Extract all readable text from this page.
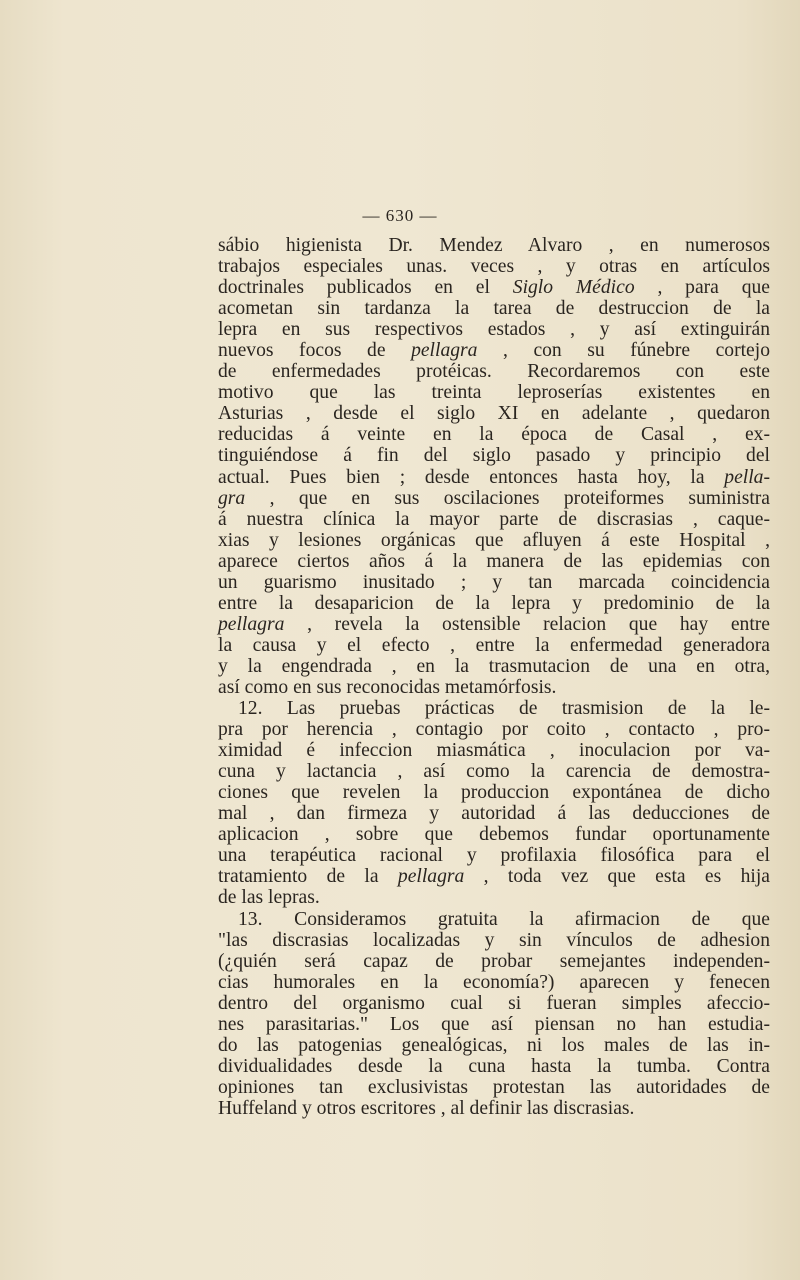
— 630 —
sábio higienista Dr. Mendez Alvaro , en numerosos
trabajos especiales unas. veces , y otras en artículos
doctrinales publicados en el Siglo Médico , para que
acometan sin tardanza la tarea de destruccion de la
lepra en sus respectivos estados , y así extinguirán
nuevos focos de pellagra , con su fúnebre cortejo
de enfermedades protéicas. Recordaremos con este
motivo que las treinta leproserías existentes en
Asturias , desde el siglo XI en adelante , quedaron
reducidas á veinte en la época de Casal , ex-
tinguiéndose á fin del siglo pasado y principio del
actual. Pues bien ; desde entonces hasta hoy, la pella-
gra , que en sus oscilaciones proteiformes suministra
á nuestra clínica la mayor parte de discrasias , caque-
xias y lesiones orgánicas que afluyen á este Hospital ,
aparece ciertos años á la manera de las epidemias con
un guarismo inusitado ; y tan marcada coincidencia
entre la desaparicion de la lepra y predominio de la
pellagra , revela la ostensible relacion que hay entre
la causa y el efecto , entre la enfermedad generadora
y la engendrada , en la trasmutacion de una en otra,
así como en sus reconocidas metamórfosis.
12. Las pruebas prácticas de trasmision de la le-
pra por herencia , contagio por coito , contacto , pro-
ximidad é infeccion miasmática , inoculacion por va-
cuna y lactancia , así como la carencia de demostra-
ciones que revelen la produccion expontánea de dicho
mal , dan firmeza y autoridad á las deducciones de
aplicacion , sobre que debemos fundar oportunamente
una terapéutica racional y profilaxia filosófica para el
tratamiento de la pellagra , toda vez que esta es hija
de las lepras.
13. Consideramos gratuita la afirmacion de que
"las discrasias localizadas y sin vínculos de adhesion
(¿quién será capaz de probar semejantes independen-
cias humorales en la economía?) aparecen y fenecen
dentro del organismo cual si fueran simples afeccio-
nes parasitarias." Los que así piensan no han estudia-
do las patogenias genealógicas, ni los males de las in-
dividualidades desde la cuna hasta la tumba. Contra
opiniones tan exclusivistas protestan las autoridades de
Huffeland y otros escritores , al definir las discrasias.
